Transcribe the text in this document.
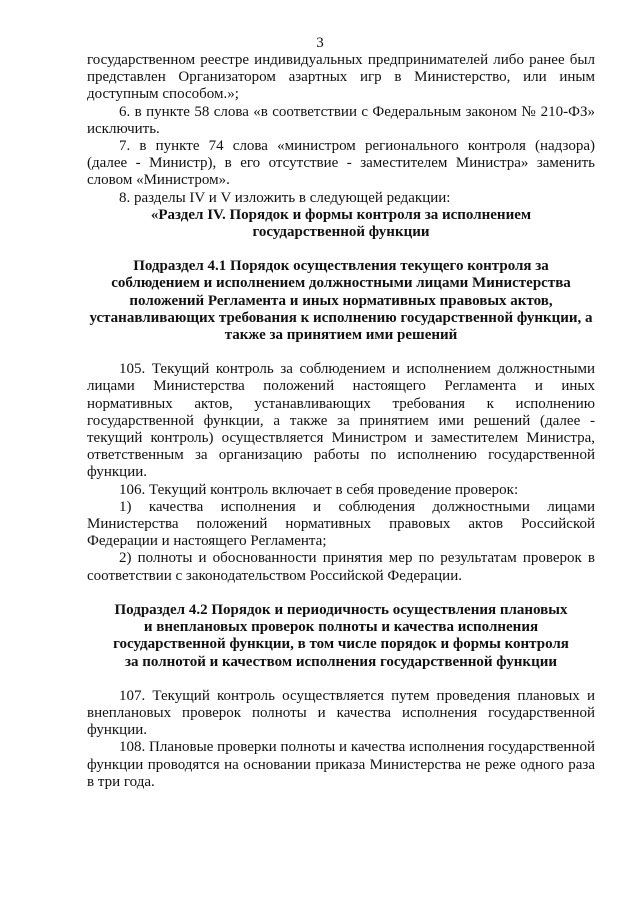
3

государственном реестре индивидуальных предпринимателей либо ранее был представлен Организатором азартных игр в Министерство, или иным доступным способом.»;

6. в пункте 58 слова «в соответствии с Федеральным законом № 210-ФЗ» исключить.

7. в пункте 74 слова «министром регионального контроля (надзора) (далее - Министр), в его отсутствие - заместителем Министра» заменить словом «Министром».

8. разделы IV и V изложить в следующей редакции:

«Раздел IV. Порядок и формы контроля за исполнением государственной функции

Подраздел 4.1 Порядок осуществления текущего контроля за соблюдением и исполнением должностными лицами Министерства положений Регламента и иных нормативных правовых актов, устанавливающих требования к исполнению государственной функции, а также за принятием ими решений

105. Текущий контроль за соблюдением и исполнением должностными лицами Министерства положений настоящего Регламента и иных нормативных актов, устанавливающих требования к исполнению государственной функции, а также за принятием ими решений (далее - текущий контроль) осуществляется Министром и заместителем Министра, ответственным за организацию работы по исполнению государственной функции.

106. Текущий контроль включает в себя проведение проверок:

1) качества исполнения и соблюдения должностными лицами Министерства положений нормативных правовых актов Российской Федерации и настоящего Регламента;

2) полноты и обоснованности принятия мер по результатам проверок в соответствии с законодательством Российской Федерации.

Подраздел 4.2 Порядок и периодичность осуществления плановых и внеплановых проверок полноты и качества исполнения государственной функции, в том числе порядок и формы контроля за полнотой и качеством исполнения государственной функции

107. Текущий контроль осуществляется путем проведения плановых и внеплановых проверок полноты и качества исполнения государственной функции.

108. Плановые проверки полноты и качества исполнения государственной функции проводятся на основании приказа Министерства не реже одного раза в три года.
